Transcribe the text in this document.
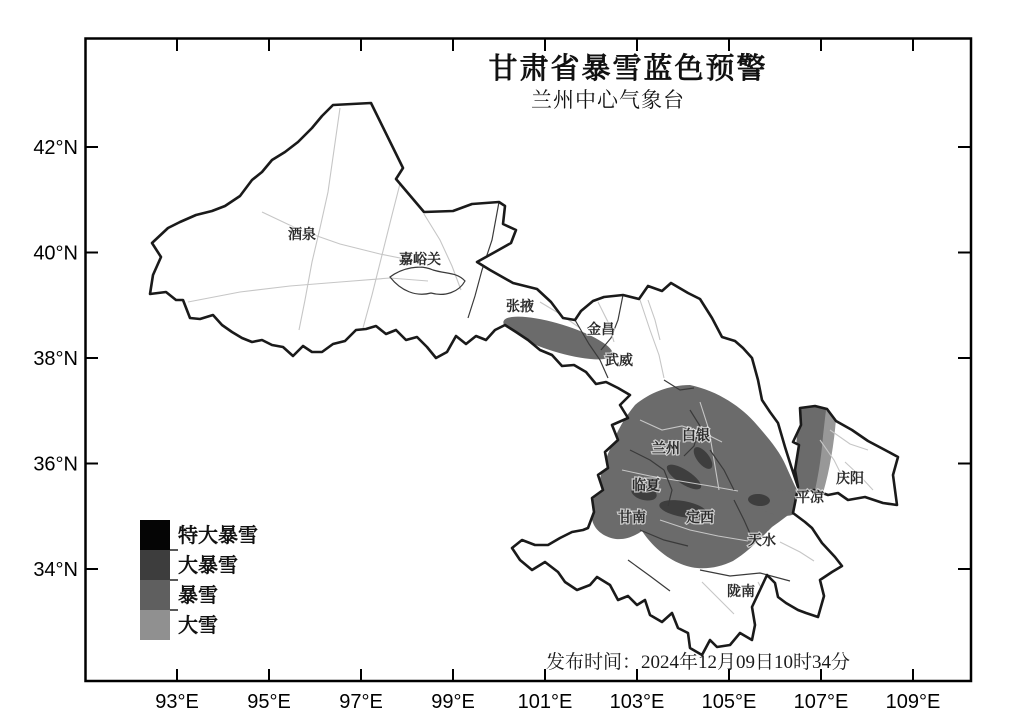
酒泉
嘉峪关
张掖
金昌
武威
白银
兰州
临夏
甘南	定西
平凉
庆阳
天水
陇南
93°E 95°E 97°E 99°E 101°E 103°E 105°E 107°E 109°E
42°N
40°N
38°N
36°N
34°N
甘肃省暴雪蓝色预警
兰州中心气象台
发布时间：2024年12月09日10时34分
特大暴雪
大暴雪
暴雪
大雪
